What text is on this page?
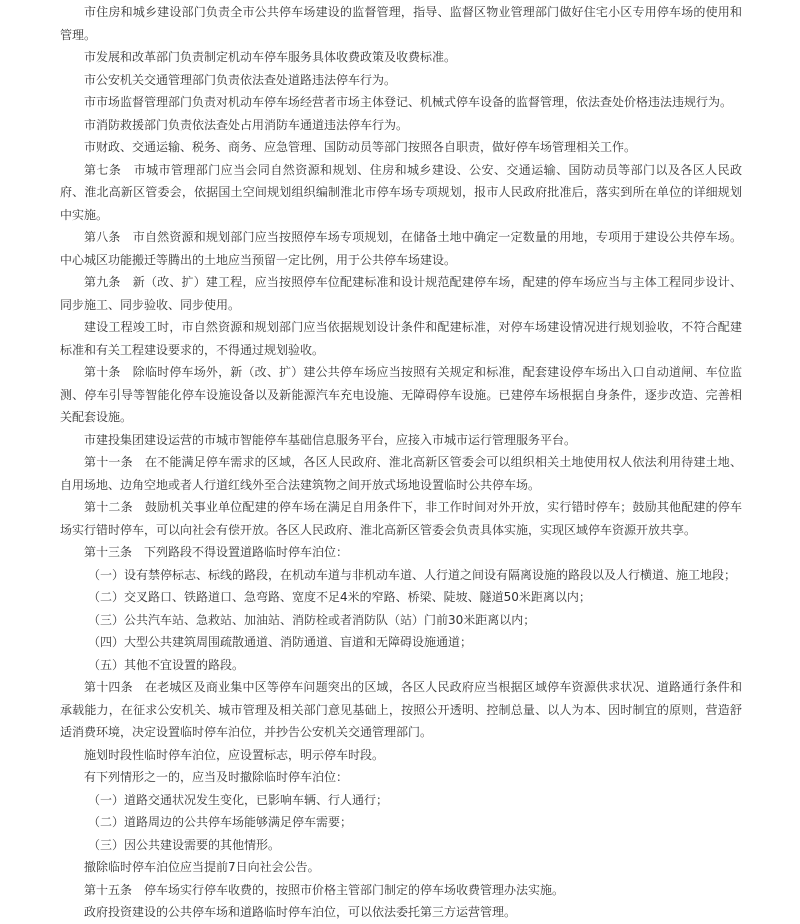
市住房和城乡建设部门负责全市公共停车场建设的监督管理，指导、监督区物业管理部门做好住宅小区专用停车场的使用和管理。

市发展和改革部门负责制定机动车停车服务具体收费政策及收费标准。

市公安机关交通管理部门负责依法查处道路违法停车行为。

市市场监督管理部门负责对机动车停车场经营者市场主体登记、机械式停车设备的监督管理，依法查处价格违法违规行为。

市消防救援部门负责依法查处占用消防车通道违法停车行为。

市财政、交通运输、税务、商务、应急管理、国防动员等部门按照各自职责，做好停车场管理相关工作。

第七条　市城市管理部门应当会同自然资源和规划、住房和城乡建设、公安、交通运输、国防动员等部门以及各区人民政府、淮北高新区管委会，依据国土空间规划组织编制淮北市停车场专项规划，报市人民政府批准后，落实到所在单位的详细规划中实施。

第八条　市自然资源和规划部门应当按照停车场专项规划，在储备土地中确定一定数量的用地，专项用于建设公共停车场。中心城区功能搬迁等腾出的土地应当预留一定比例，用于公共停车场建设。

第九条　新（改、扩）建工程，应当按照停车位配建标准和设计规范配建停车场，配建的停车场应当与主体工程同步设计、同步施工、同步验收、同步使用。

建设工程竣工时，市自然资源和规划部门应当依据规划设计条件和配建标准，对停车场建设情况进行规划验收，不符合配建标准和有关工程建设要求的，不得通过规划验收。

第十条　除临时停车场外，新（改、扩）建公共停车场应当按照有关规定和标准，配套建设停车场出入口自动道闸、车位监测、停车引导等智能化停车设施设备以及新能源汽车充电设施、无障碍停车设施。已建停车场根据自身条件，逐步改造、完善相关配套设施。

市建投集团建设运营的市城市智能停车基础信息服务平台，应接入市城市运行管理服务平台。

第十一条　在不能满足停车需求的区域，各区人民政府、淮北高新区管委会可以组织相关土地使用权人依法利用待建土地、自用场地、边角空地或者人行道红线外至合法建筑物之间开放式场地设置临时公共停车场。

第十二条　鼓励机关事业单位配建的停车场在满足自用条件下，非工作时间对外开放，实行错时停车；鼓励其他配建的停车场实行错时停车，可以向社会有偿开放。各区人民政府、淮北高新区管委会负责具体实施，实现区域停车资源开放共享。

第十三条　下列路段不得设置道路临时停车泊位：

（一）设有禁停标志、标线的路段，在机动车道与非机动车道、人行道之间设有隔离设施的路段以及人行横道、施工地段；

（二）交叉路口、铁路道口、急弯路、宽度不足4米的窄路、桥梁、陡坡、隧道50米距离以内；

（三）公共汽车站、急救站、加油站、消防栓或者消防队（站）门前30米距离以内；

（四）大型公共建筑周围疏散通道、消防通道、盲道和无障碍设施通道；

（五）其他不宜设置的路段。

第十四条　在老城区及商业集中区等停车问题突出的区域，各区人民政府应当根据区域停车资源供求状况、道路通行条件和承载能力，在征求公安机关、城市管理及相关部门意见基础上，按照公开透明、控制总量、以人为本、因时制宜的原则，营造舒适消费环境，决定设置临时停车泊位，并抄告公安机关交通管理部门。

施划时段性临时停车泊位，应设置标志，明示停车时段。

有下列情形之一的，应当及时撤除临时停车泊位：

（一）道路交通状况发生变化，已影响车辆、行人通行；

（二）道路周边的公共停车场能够满足停车需要；

（三）因公共建设需要的其他情形。

撤除临时停车泊位应当提前7日向社会公告。

第十五条　停车场实行停车收费的，按照市价格主管部门制定的停车场收费管理办法实施。

政府投资建设的公共停车场和道路临时停车泊位，可以依法委托第三方运营管理。
